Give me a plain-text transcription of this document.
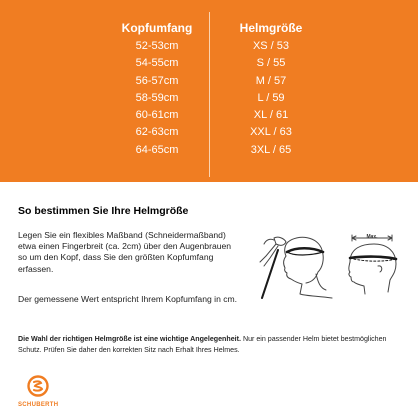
Kopfumfang
52-53cm
54-55cm
56-57cm
58-59cm
60-61cm
62-63cm
64-65cm
Helmgröße
XS / 53
S / 55
M / 57
L / 59
XL / 61
XXL / 63
3XL / 65
So bestimmen Sie Ihre Helmgröße
Legen Sie ein flexibles Maßband (Schneidermaßband) etwa einen Fingerbreit (ca. 2cm) über den Augenbrauen so um den Kopf, dass Sie den größten Kopfumfang erfassen.
Der gemessene Wert entspricht Ihrem Kopfumfang in cm.
Max.
Die Wahl der richtigen Helmgröße ist eine wichtige Angelegenheit. Nur ein passender Helm bietet bestmöglichen Schutz. Prüfen Sie daher den korrekten Sitz nach Erhalt Ihres Helmes.
SCHUBERTH
